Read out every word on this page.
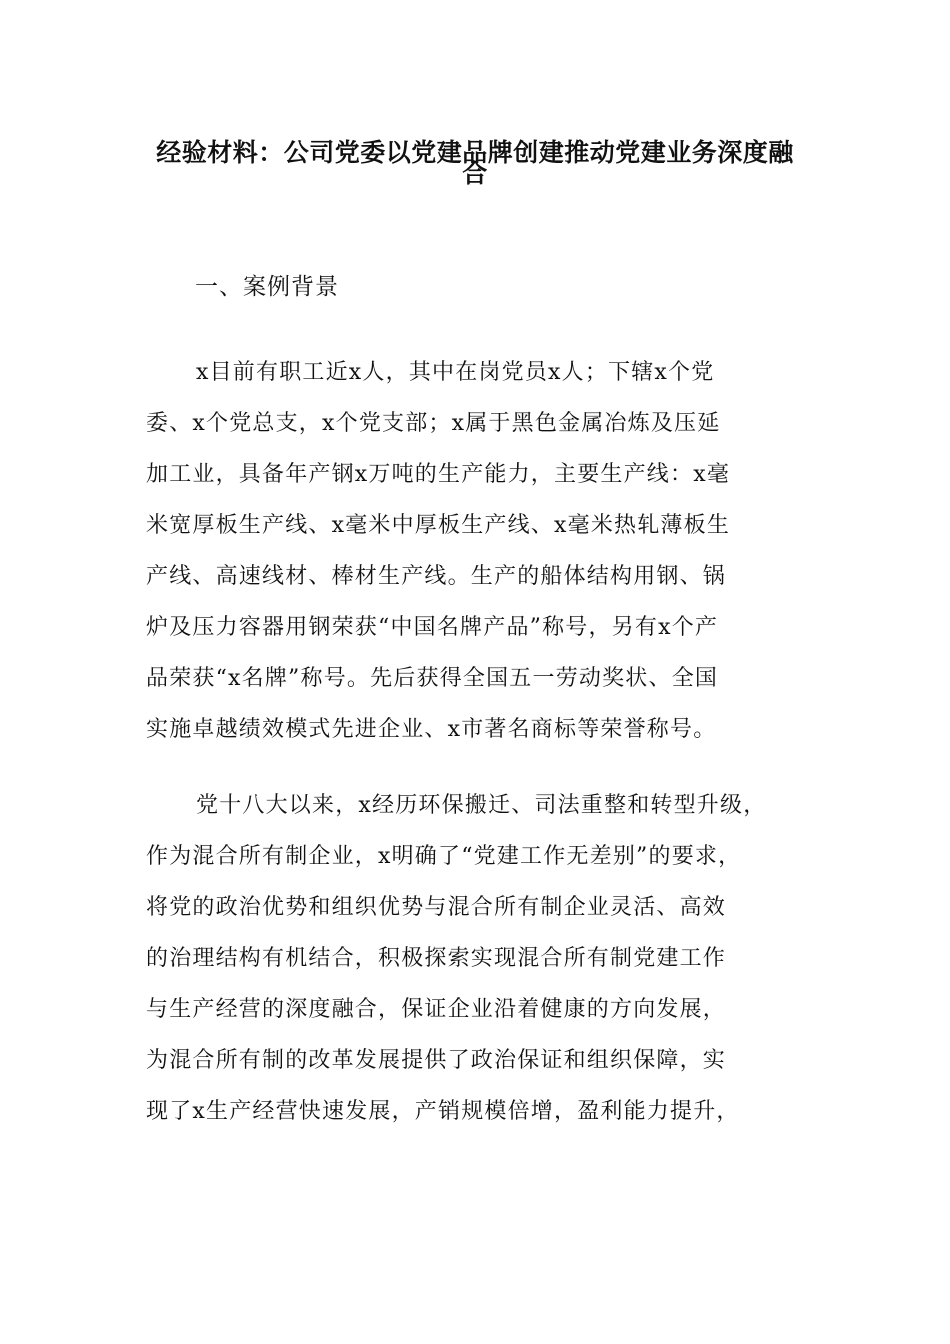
经验材料：公司党委以党建品牌创建推动党建业务深度融
合
一、案例背景
x目前有职工近x人，其中在岗党员x人；下辖x个党
委、x个党总支，x个党支部；x属于黑色金属冶炼及压延
加工业，具备年产钢x万吨的生产能力，主要生产线：x毫
米宽厚板生产线、x毫米中厚板生产线、x毫米热轧薄板生
产线、高速线材、棒材生产线。生产的船体结构用钢、锅
炉及压力容器用钢荣获“中国名牌产品”称号，另有x个产
品荣获“x名牌”称号。先后获得全国五一劳动奖状、全国
实施卓越绩效模式先进企业、x市著名商标等荣誉称号。
党十八大以来，x经历环保搬迁、司法重整和转型升级，
作为混合所有制企业，x明确了“党建工作无差别”的要求，
将党的政治优势和组织优势与混合所有制企业灵活、高效
的治理结构有机结合，积极探索实现混合所有制党建工作
与生产经营的深度融合，保证企业沿着健康的方向发展，
为混合所有制的改革发展提供了政治保证和组织保障，实
现了x生产经营快速发展，产销规模倍增，盈利能力提升，
